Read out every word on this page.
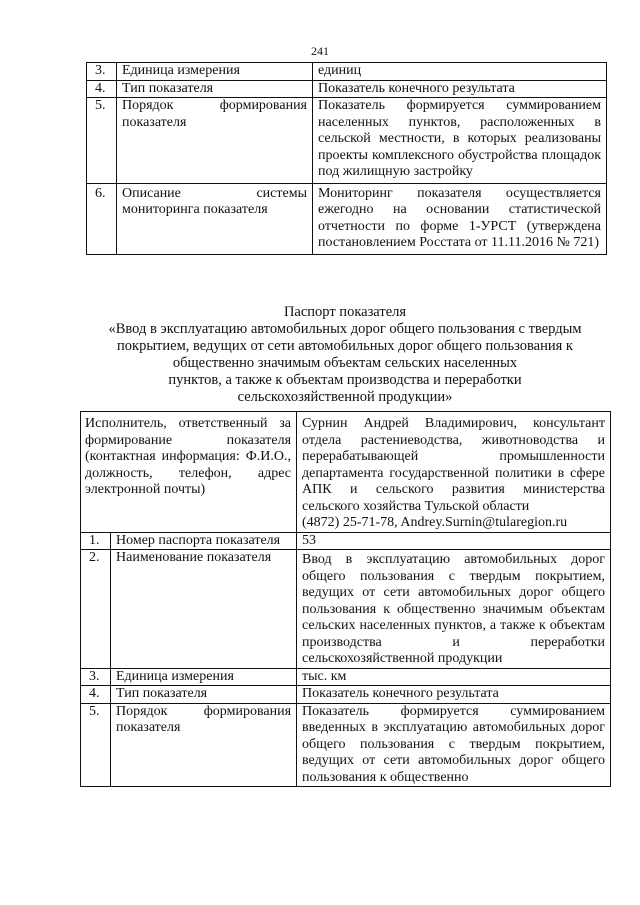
241
3.	Единица измерения	единиц
4.	Тип показателя	Показатель конечного результата
5.	Порядок формирования показателя	Показатель формируется суммированием населенных пунктов, расположенных в сельской местности, в которых реализованы проекты комплексного обустройства площадок под жилищную застройку
6.	Описание системы мониторинга показателя	Мониторинг показателя осуществляется ежегодно на основании статистической отчетности по форме 1-УРСТ (утверждена постановлением Росстата от 11.11.2016 № 721)
Паспорт показателя
«Ввод в эксплуатацию автомобильных дорог общего пользования с твердым
покрытием, ведущих от сети автомобильных дорог общего пользования к
общественно значимым объектам сельских населенных
пунктов, а также к объектам производства и переработки
сельскохозяйственной продукции»
Исполнитель, ответственный за формирование показателя (контактная информация: Ф.И.О., должность, телефон, адрес электронной почты)		Сурнин Андрей Владимирович, консультант отдела растениеводства, животноводства и перерабатывающей промышленности департамента государственной политики в сфере АПК и сельского развития министерства сельского хозяйства Тульской области
(4872) 25-71-78, Andrey.Surnin@tularegion.ru

1.	Номер паспорта показателя	53
2.	Наименование показателя	Ввод в эксплуатацию автомобильных дорог общего пользования с твердым покрытием, ведущих от сети автомобильных дорог общего пользования к общественно значимым объектам сельских населенных пунктов, а также к объектам производства и переработки сельскохозяйственной продукции
3.	Единица измерения	тыс. км
4.	Тип показателя	Показатель конечного результата
5.	Порядок формирования показателя	Показатель формируется суммированием введенных в эксплуатацию автомобильных дорог общего пользования с твердым покрытием, ведущих от сети автомобильных дорог общего пользования к общественно
